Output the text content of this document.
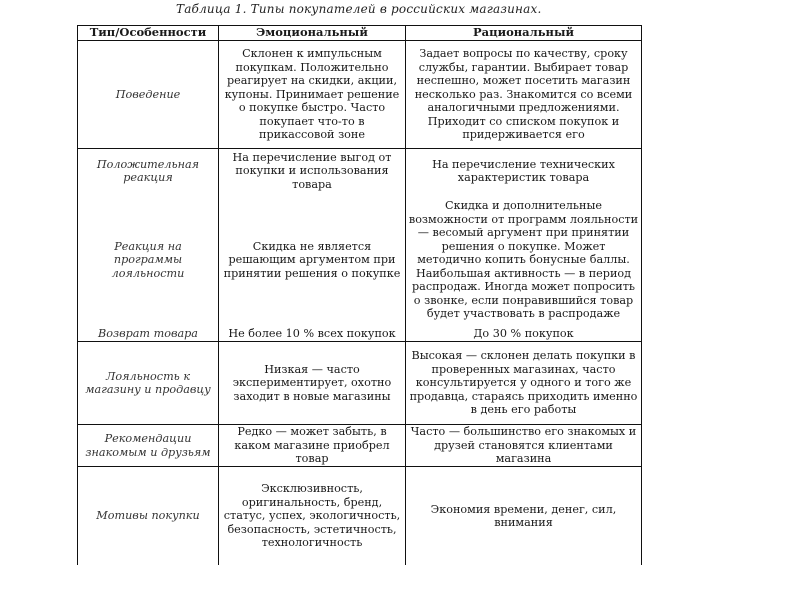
Таблица 1. Типы покупателей в российских магазинах.
Тип/Особенности	Эмоциональный	Рациональный
Поведение	Склонен к импульсным покупкам. Положительно реагирует на скидки, акции, купоны. Принимает решение о покупке быстро. Часто покупает что-то в прикассовой зоне	Задает вопросы по качеству, сроку службы, гарантии. Выбирает товар неспешно, может посетить магазин несколько раз. Знакомится со всеми аналогичными предложениями. Приходит со списком покупок и придерживается его
Положительная реакция	На перечисление выгод от покупки и использования товара	На перечисление технических характеристик товара
Реакция на программы лояльности	Скидка не является решающим аргументом при принятии решения о покупке	Скидка и дополнительные возможности от программ лояльности — весомый аргумент при принятии решения о покупке. Может методично копить бонусные баллы. Наибольшая активность — в период распродаж. Иногда может попросить о звонке, если понравившийся товар будет участвовать в распродаже
Возврат товара	Не более 10 % всех покупок	До 30 % покупок
Лояльность к магазину и продавцу	Низкая — часто экспериментирует, охотно заходит в новые магазины	Высокая — склонен делать покупки в проверенных магазинах, часто консультируется у одного и того же продавца, стараясь приходить именно в день его работы
Рекомендации знакомым и друзьям	Редко — может забыть, в каком магазине приобрел товар	Часто — большинство его знакомых и друзей становятся клиентами магазина
Мотивы покупки	Эксклюзивность, оригинальность, бренд, статус, успех, экологичность, безопасность, эстетичность, технологичность	Экономия времени, денег, сил, внимания
